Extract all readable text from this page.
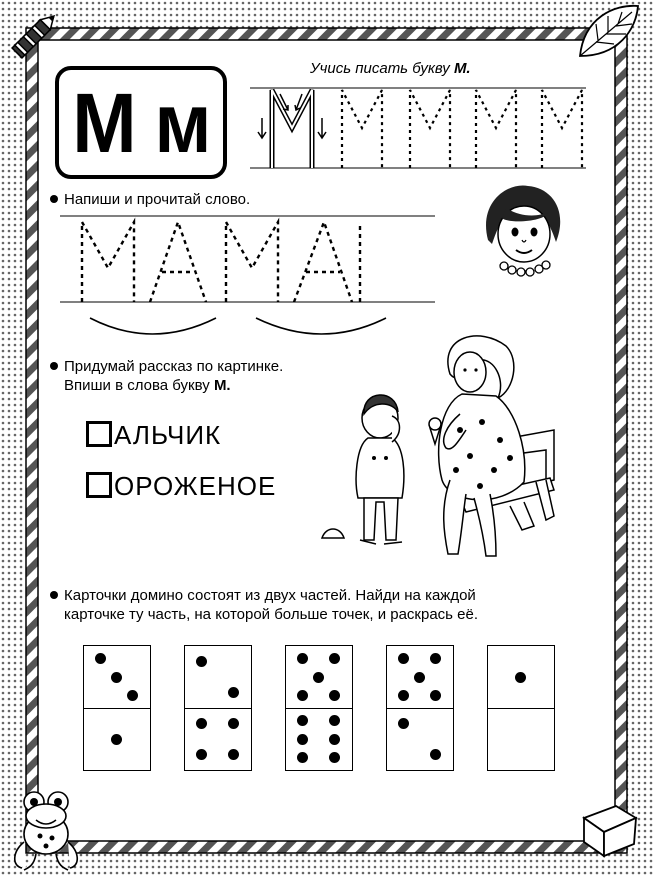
М м
Учись писать букву М.
Напиши и прочитай слово.
Придумай рассказ по картинке.
Впиши в слова букву М.
АЛЬЧИК
ОРОЖЕНОЕ
Карточки домино состоят из двух частей. Найди на каждой
карточке ту часть, на которой больше точек, и раскрась её.
